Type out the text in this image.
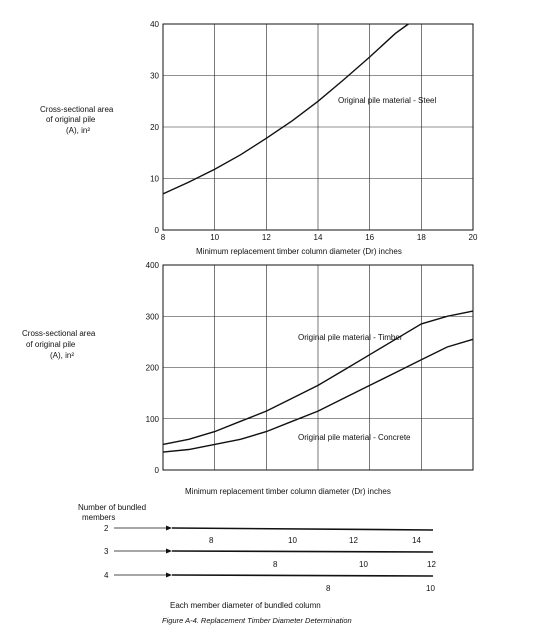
8	10	12	14	16	18	20
0
10
20
30
40
Original pile material - Steel
Minimum replacement timber column diameter (Dr) inches
Cross-sectional area
of original pile
(A), in²
0
100
200
300
400
Original pile material - Timber
Original pile material - Concrete
Minimum replacement timber column diameter (Dr) inches
Cross-sectional area
of original pile
(A), in²
Number of bundled
members
2
8	10	12	14
3
8	10	12
4
8	10
Each member diameter of bundled column
Figure A-4. Replacement Timber Diameter Determination
